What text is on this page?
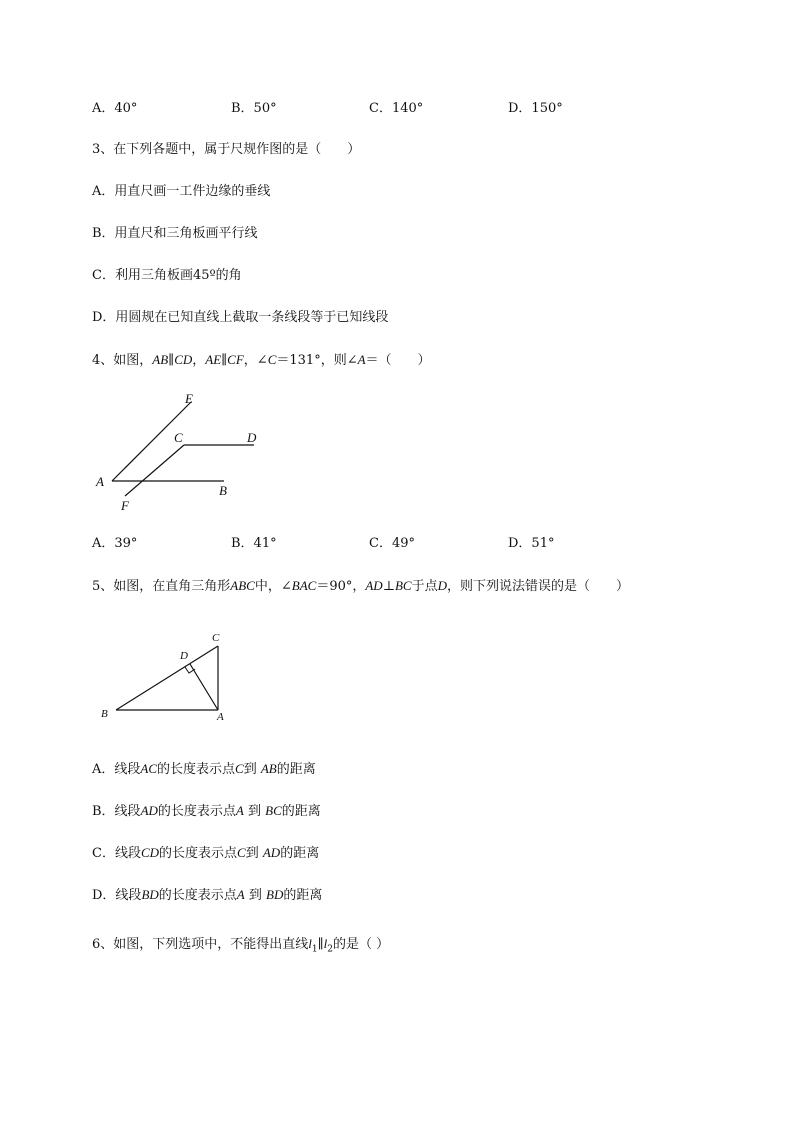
A．40°	B．50°	C．140°	D．150°
3、在下列各题中，属于尺规作图的是（　　）
A．用直尺画一工件边缘的垂线
B．用直尺和三角板画平行线
C．利用三角板画45º的角
D．用圆规在已知直线上截取一条线段等于已知线段
4、如图，AB∥CD，AE∥CF，∠C＝131°，则∠A＝（　　）
E
C	D
A
B
F
A．39°	B．41°	C．49°	D．51°
5、如图，在直角三角形ABC中，∠BAC＝90°，AD⊥BC于点D，则下列说法错误的是（　　）
C
D
B	A
A．线段AC的长度表示点C到 AB的距离
B．线段AD的长度表示点A 到 BC的距离
C．线段CD的长度表示点C到 AD的距离
D．线段BD的长度表示点A 到 BD的距离
6、如图，下列选项中，不能得出直线$l_1\parallel l_2$的是（ ）
